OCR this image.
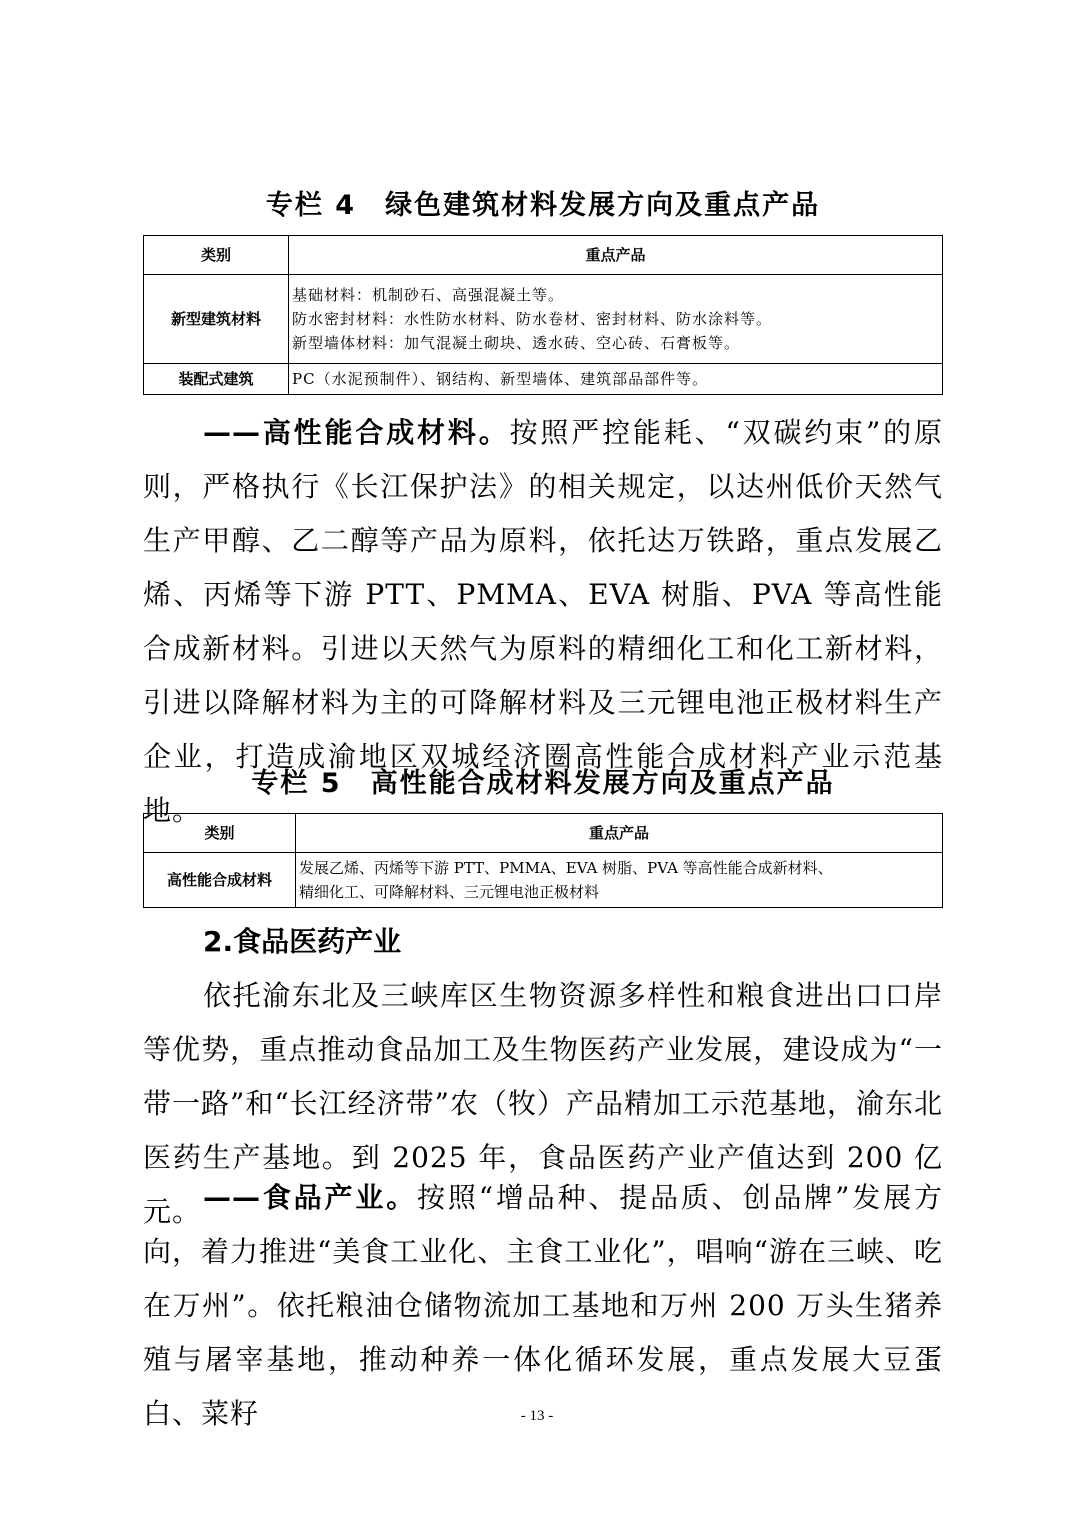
专栏 4　绿色建筑材料发展方向及重点产品
类别	重点产品
新型建筑材料	基础材料：机制砂石、高强混凝土等。
防水密封材料：水性防水材料、防水卷材、密封材料、防水涂料等。
新型墙体材料：加气混凝土砌块、透水砖、空心砖、石膏板等。

装配式建筑	PC（水泥预制件）、钢结构、新型墙体、建筑部品部件等。

——高性能合成材料。按照严控能耗、“双碳约束”的原则，严格执行《长江保护法》的相关规定，以达州低价天然气生产甲醇、乙二醇等产品为原料，依托达万铁路，重点发展乙烯、丙烯等下游 PTT、PMMA、EVA 树脂、PVA 等高性能合成新材料。引进以天然气为原料的精细化工和化工新材料，引进以降解材料为主的可降解材料及三元锂电池正极材料生产企业，打造成渝地区双城经济圈高性能合成材料产业示范基地。

专栏 5　高性能合成材料发展方向及重点产品
类别	重点产品
高性能合成材料	发展乙烯、丙烯等下游 PTT、PMMA、EVA 树脂、PVA 等高性能合成新材料、
精细化工、可降解材料、三元锂电池正极材料
2.食品医药产业

依托渝东北及三峡库区生物资源多样性和粮食进出口口岸等优势，重点推动食品加工及生物医药产业发展，建设成为“一带一路”和“长江经济带”农（牧）产品精加工示范基地，渝东北医药生产基地。到 2025 年，食品医药产业产值达到 200 亿元。 ——食品产业。按照“增品种、提品质、创品牌”发展方向，着力推进“美食工业化、主食工业化”，唱响“游在三峡、吃在万州”。依托粮油仓储物流加工基地和万州 200 万头生猪养殖与屠宰基地，推动种养一体化循环发展，重点发展大豆蛋白、菜籽	- 13 -
